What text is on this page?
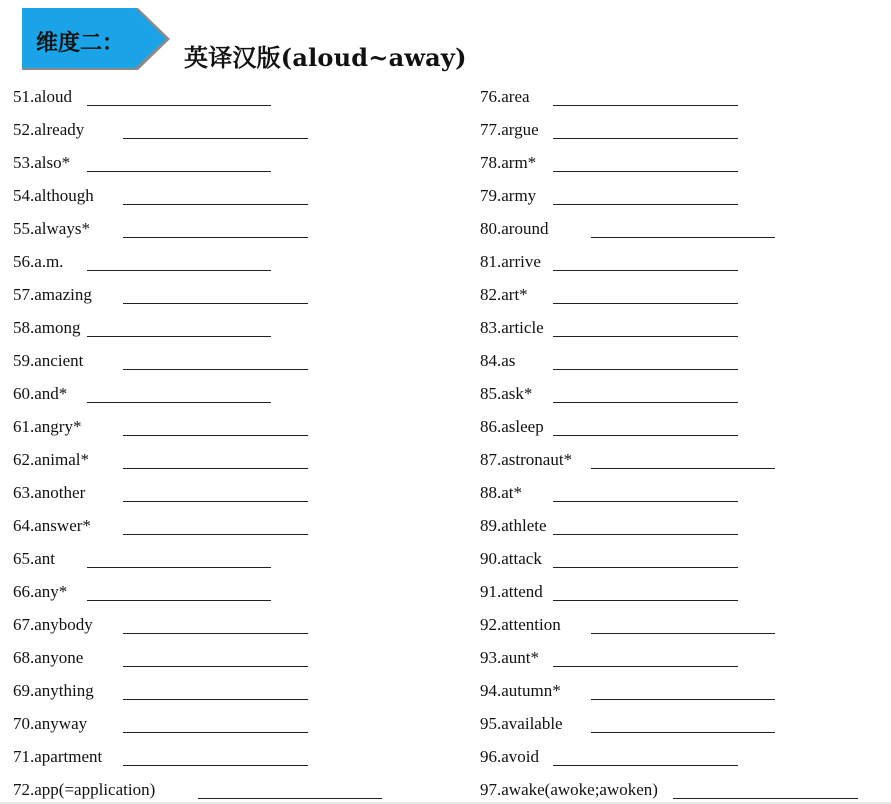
维度二： 英译汉版(aloud~away)
51.aloud
52.already
53.also*
54.although
55.always*
56.a.m.
57.amazing
58.among
59.ancient
60.and*
61.angry*
62.animal*
63.another
64.answer*
65.ant
66.any*
67.anybody
68.anyone
69.anything
70.anyway
71.apartment
72.app(=application)
76.area
77.argue
78.arm*
79.army
80.around
81.arrive
82.art*
83.article
84.as
85.ask*
86.asleep
87.astronaut*
88.at*
89.athlete
90.attack
91.attend
92.attention
93.aunt*
94.autumn*
95.available
96.avoid
97.awake(awoke;awoken)
